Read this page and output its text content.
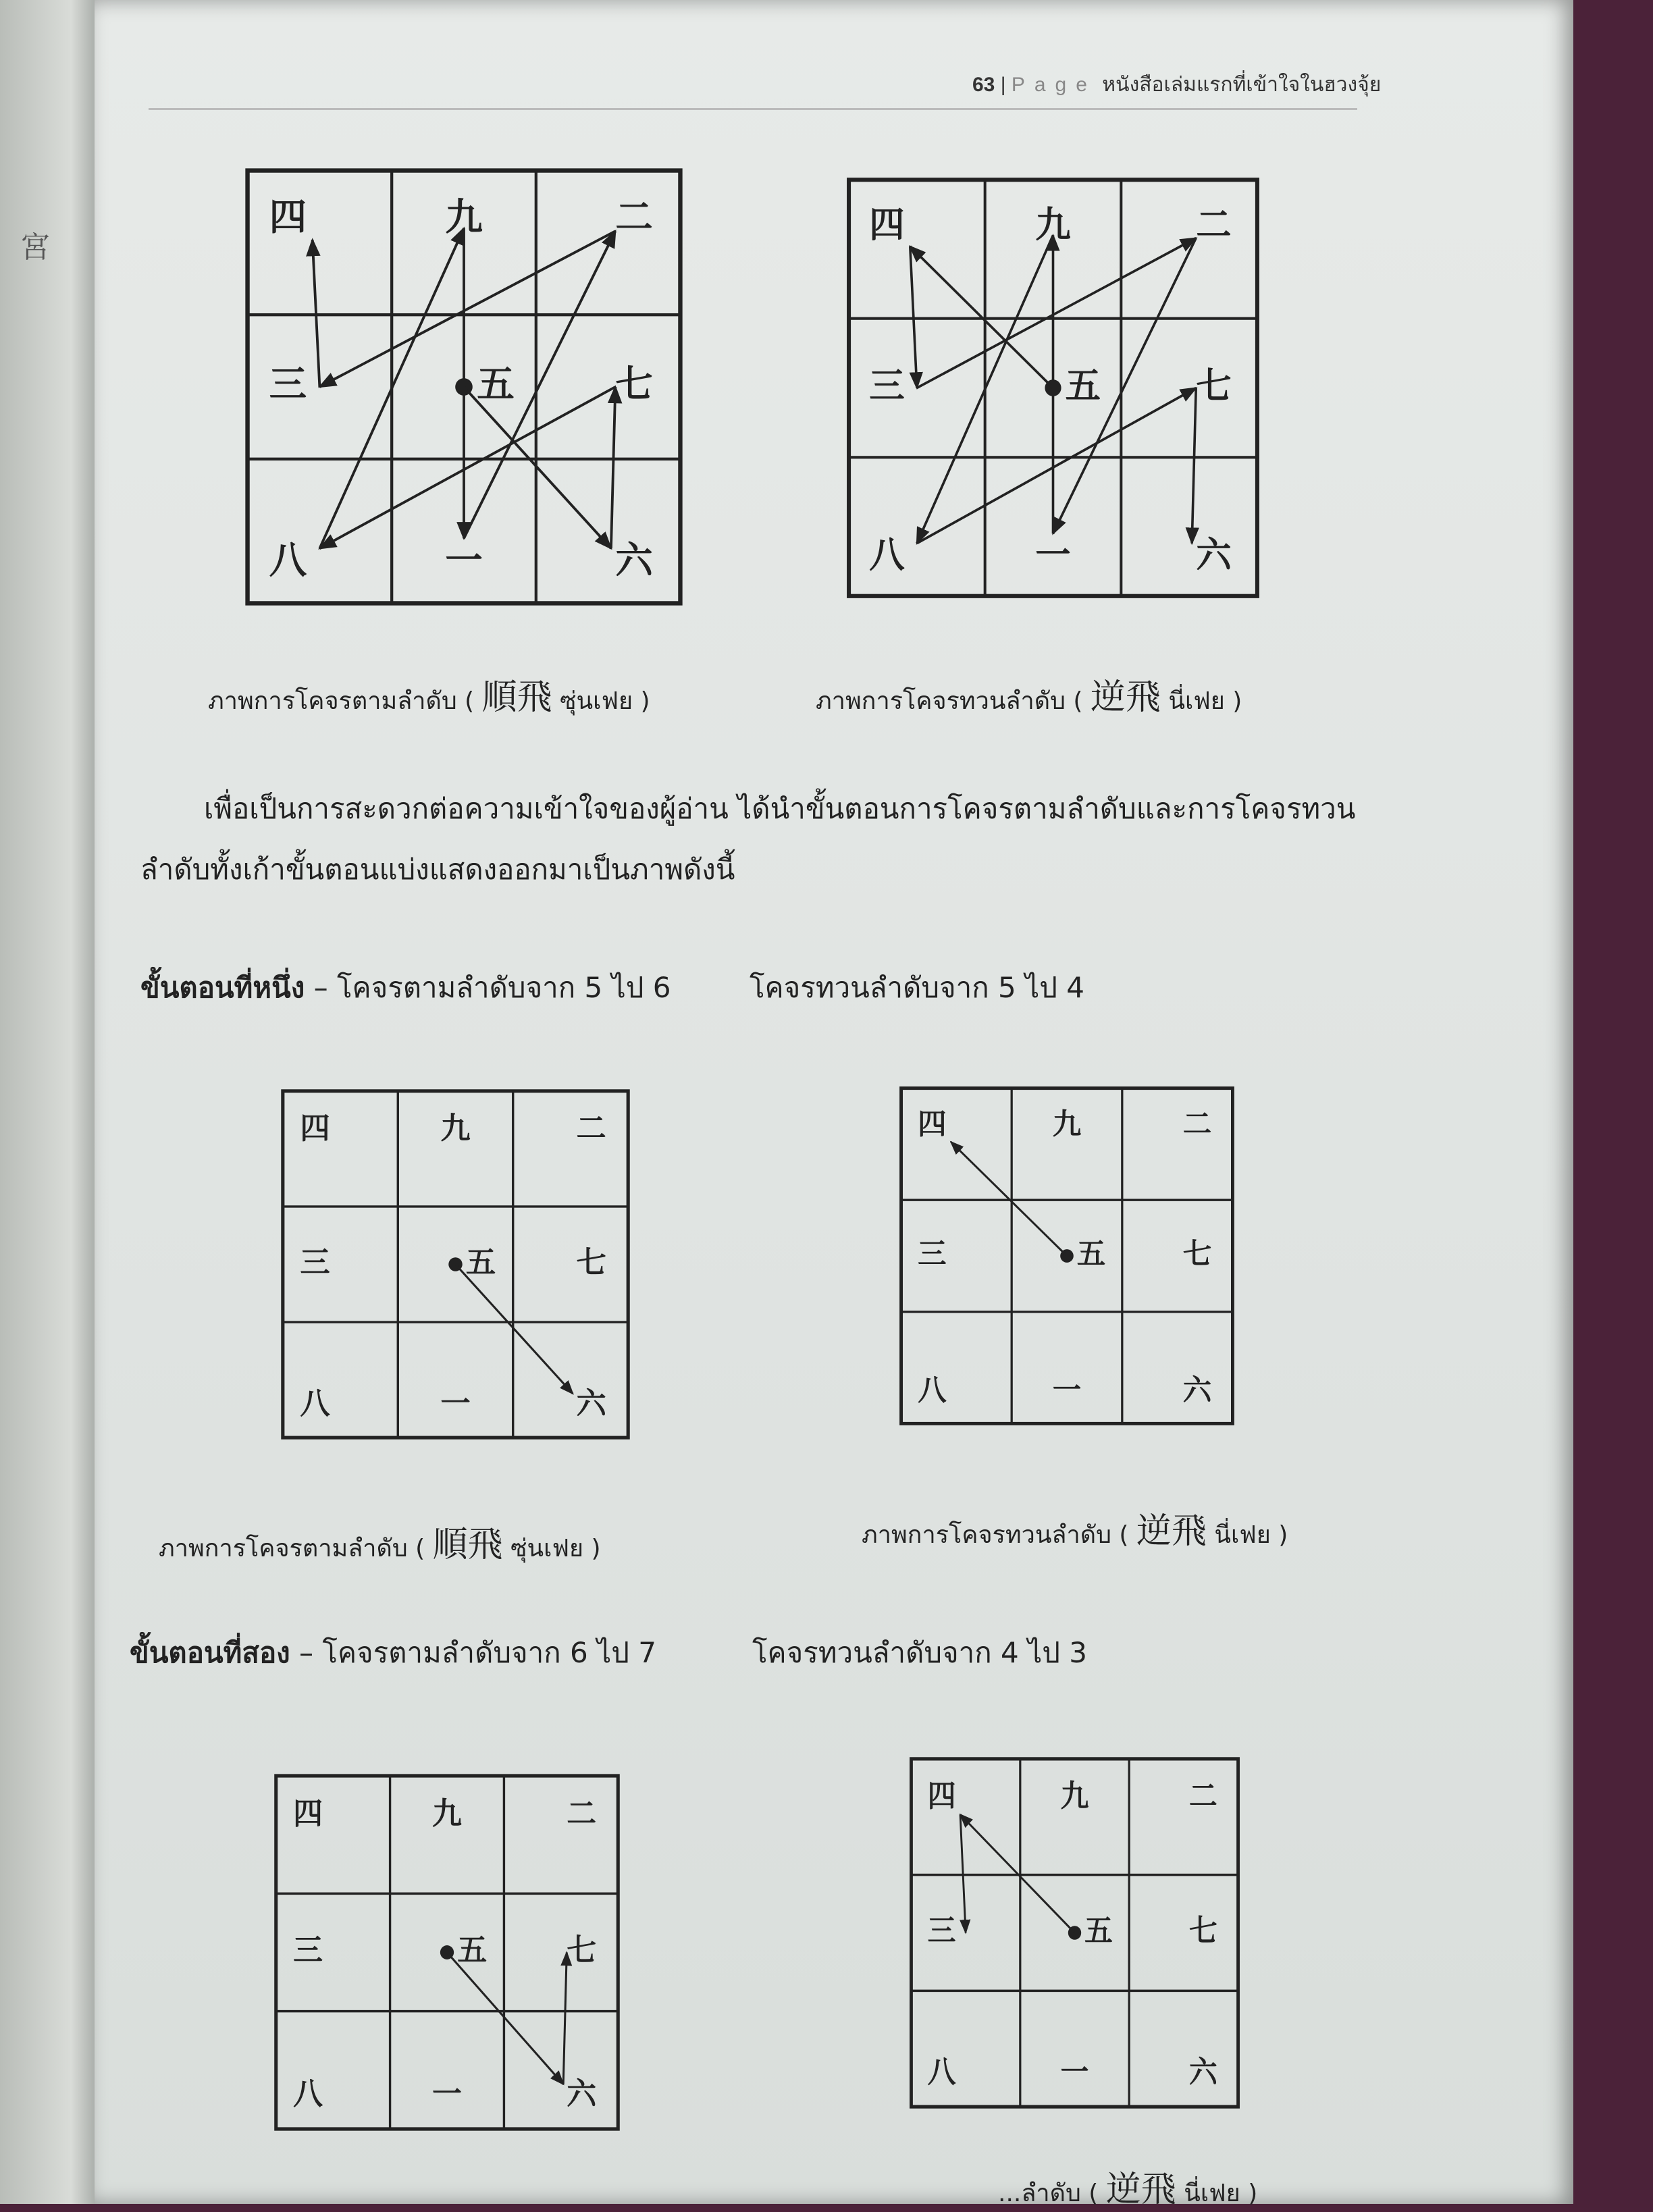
宮
63 | Page หนังสือเล่มแรกที่เข้าใจในฮวงจุ้ย
四	九	二
三	五	七
八	一	六
四	九	二
三	五	七
八	一	六
ภาพการโคจรตามลำดับ ( 順飛 ซุ่นเฟย )	ภาพการโคจรทวนลำดับ ( 逆飛 นี่เฟย )
เพื่อเป็นการสะดวกต่อความเข้าใจของผู้อ่าน ได้นำขั้นตอนการโคจรตามลำดับและการโคจรทวน
ลำดับทั้งเก้าขั้นตอนแบ่งแสดงออกมาเป็นภาพดังนี้
ขั้นตอนที่หนึ่ง – โคจรตามลำดับจาก 5 ไป 6	โคจรทวนลำดับจาก 5 ไป 4
四	九	二
三	五	七
八	一	六
四	九	二
三	五	七
八	一	六
ภาพการโคจรตามลำดับ ( 順飛 ซุ่นเฟย )	ภาพการโคจรทวนลำดับ ( 逆飛 นี่เฟย )
ขั้นตอนที่สอง – โคจรตามลำดับจาก 6 ไป 7	โคจรทวนลำดับจาก 4 ไป 3
四	九	二
三	五	七
八	一	六
四	九	二
三	五	七
八	一	六
...ลำดับ ( 逆飛 นี่เฟย )
